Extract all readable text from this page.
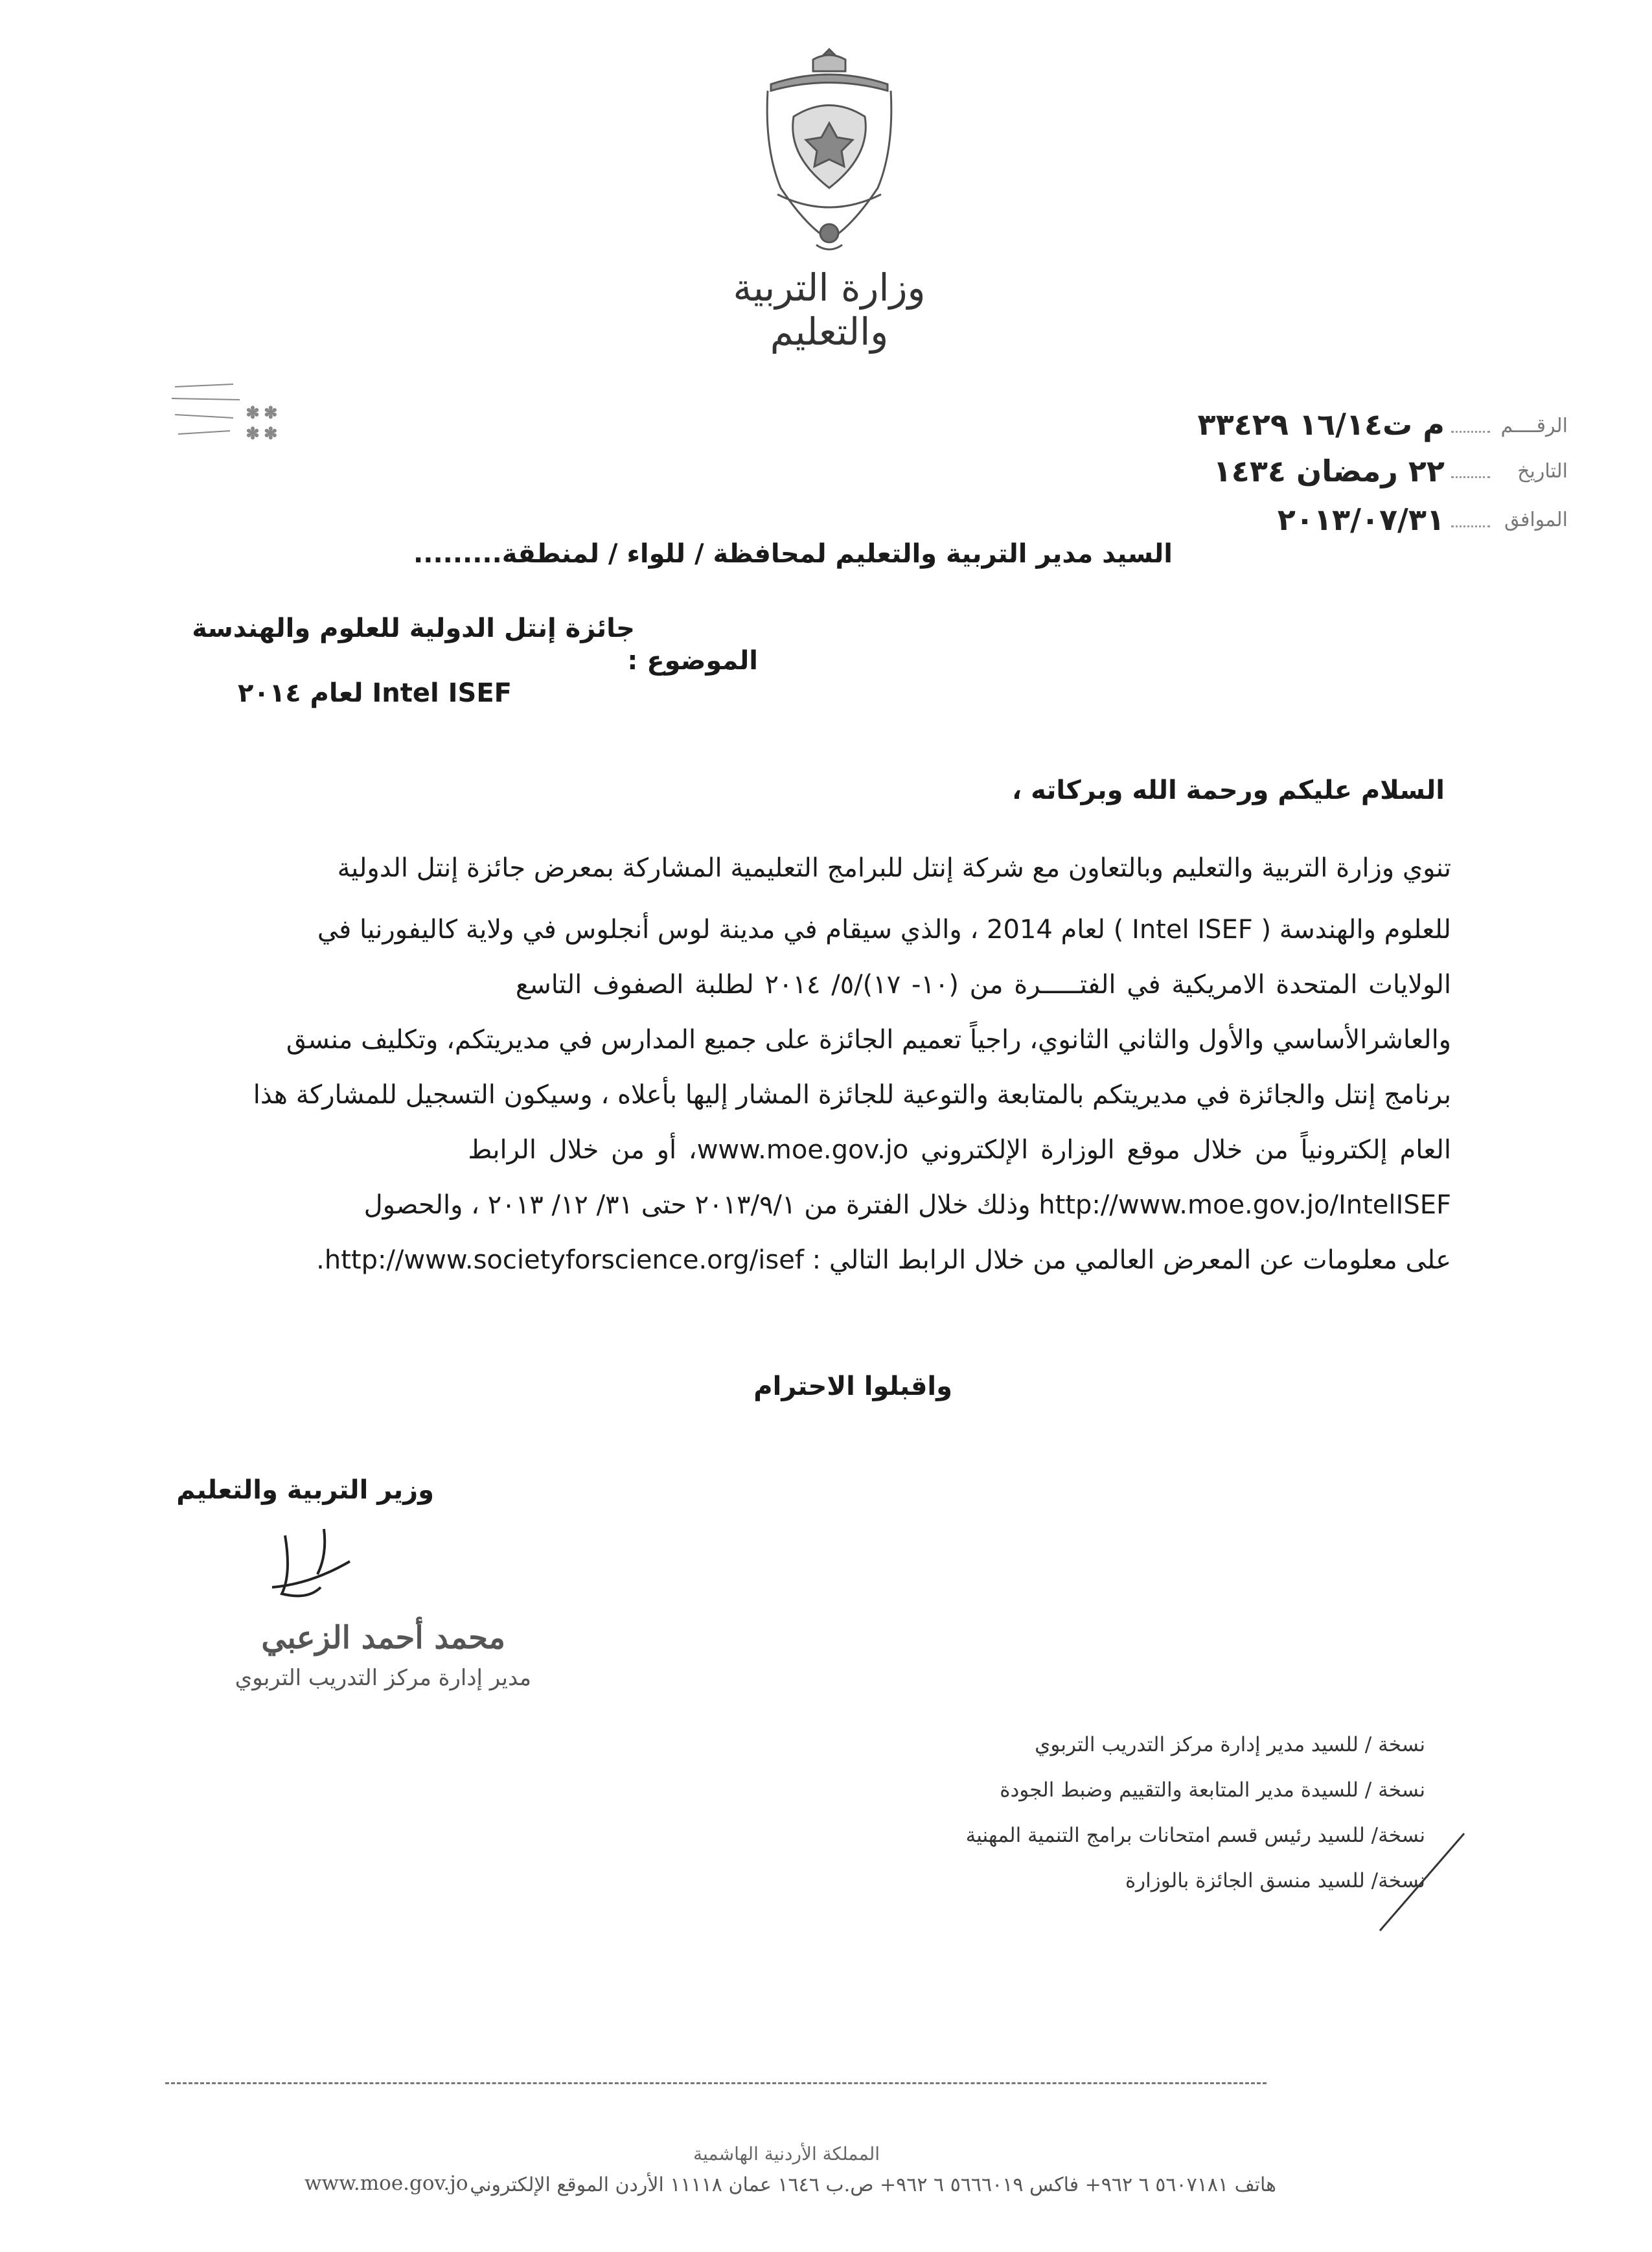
وزارة التربية والتعليم
✻ ✻
✻ ✻	الرقــــم
م ت١٦/١٤ ٣٣٤٢٩
التاريخ
٢٢ رمضان ١٤٣٤
الموافق
٢٠١٣/٠٧/٣١
السيد مدير التربية والتعليم لمحافظة / للواء / لمنطقة.........
الموضوع :
جائزة إنتل الدولية للعلوم والهندسة
Intel ISEF لعام ٢٠١٤
السلام عليكم ورحمة الله وبركاته ،
تنوي وزارة التربية والتعليم وبالتعاون مع شركة إنتل للبرامج التعليمية المشاركة بمعرض جائزة إنتل الدولية
للعلوم والهندسة ( Intel ISEF ) لعام 2014 ، والذي سيقام في مدينة لوس أنجلوس في ولاية كاليفورنيا في
الولايات المتحدة الامريكية في الفتـــــرة من (١٠- ١٧)/٥/ ٢٠١٤ لطلبة الصفوف التاسع
والعاشرالأساسي والأول والثاني الثانوي، راجياً تعميم الجائزة على جميع المدارس في مديريتكم، وتكليف منسق
برنامج إنتل والجائزة في مديريتكم بالمتابعة والتوعية للجائزة المشار إليها بأعلاه ، وسيكون التسجيل للمشاركة هذا
العام إلكترونياً من خلال موقع الوزارة الإلكتروني www.moe.gov.jo، أو من خلال الرابط
http://www.moe.gov.jo/IntelISEF وذلك خلال الفترة من ٢٠١٣/٩/١ حتى ٣١/ ١٢/ ٢٠١٣ ، والحصول
على معلومات عن المعرض العالمي من خلال الرابط التالي : http://www.societyforscience.org/isef.
واقبلوا الاحترام
وزير التربية والتعليم
محمد أحمد الزعبي
مدير إدارة مركز التدريب التربوي
نسخة / للسيد مدير إدارة مركز التدريب التربوي
نسخة / للسيدة مدير المتابعة والتقييم وضبط الجودة
نسخة/ للسيد رئيس قسم امتحانات برامج التنمية المهنية
نسخة/ للسيد منسق الجائزة بالوزارة
المملكة الأردنية الهاشمية
www.moe.gov.jo هاتف ٥٦٠٧١٨١ ٦ ٩٦٢+ فاكس ٥٦٦٦٠١٩ ٦ ٩٦٢+ ص.ب ١٦٤٦ عمان ١١١١٨ الأردن الموقع الإلكتروني
